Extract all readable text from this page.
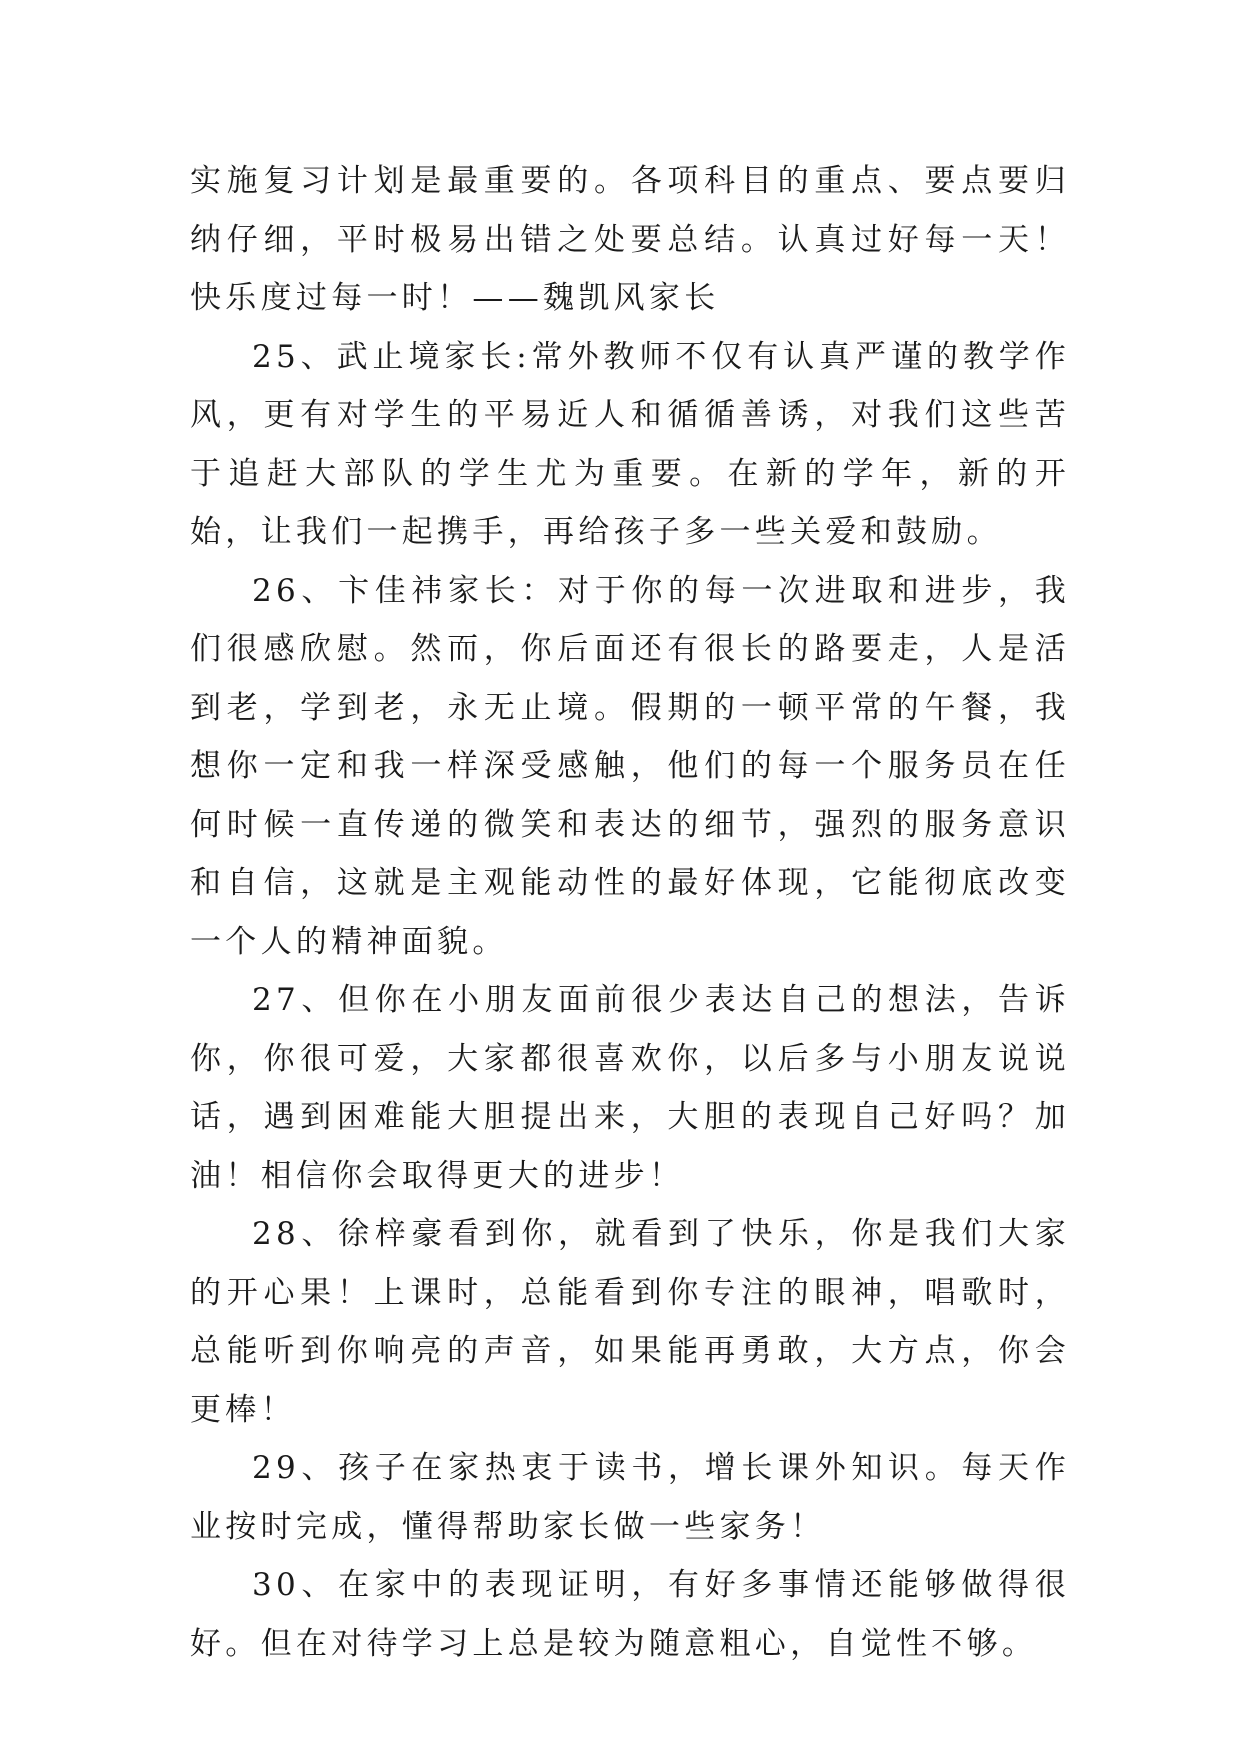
实施复习计划是最重要的。各项科目的重点、要点要归纳仔细，平时极易出错之处要总结。认真过好每一天！快乐度过每一时！——魏凯风家长

25、武止境家长:常外教师不仅有认真严谨的教学作风，更有对学生的平易近人和循循善诱，对我们这些苦于追赶大部队的学生尤为重要。在新的学年，新的开始，让我们一起携手，再给孩子多一些关爱和鼓励。

26、卞佳祎家长：对于你的每一次进取和进步，我们很感欣慰。然而，你后面还有很长的路要走，人是活到老，学到老，永无止境。假期的一顿平常的午餐，我想你一定和我一样深受感触，他们的每一个服务员在任何时候一直传递的微笑和表达的细节，强烈的服务意识和自信，这就是主观能动性的最好体现，它能彻底改变一个人的精神面貌。

27、但你在小朋友面前很少表达自己的想法，告诉你，你很可爱，大家都很喜欢你，以后多与小朋友说说话，遇到困难能大胆提出来，大胆的表现自己好吗？加油！相信你会取得更大的进步！

28、徐梓豪看到你，就看到了快乐，你是我们大家的开心果！上课时，总能看到你专注的眼神，唱歌时，总能听到你响亮的声音，如果能再勇敢，大方点，你会更棒！

29、孩子在家热衷于读书，增长课外知识。每天作业按时完成，懂得帮助家长做一些家务！

30、在家中的表现证明，有好多事情还能够做得很好。但在对待学习上总是较为随意粗心，自觉性不够。
